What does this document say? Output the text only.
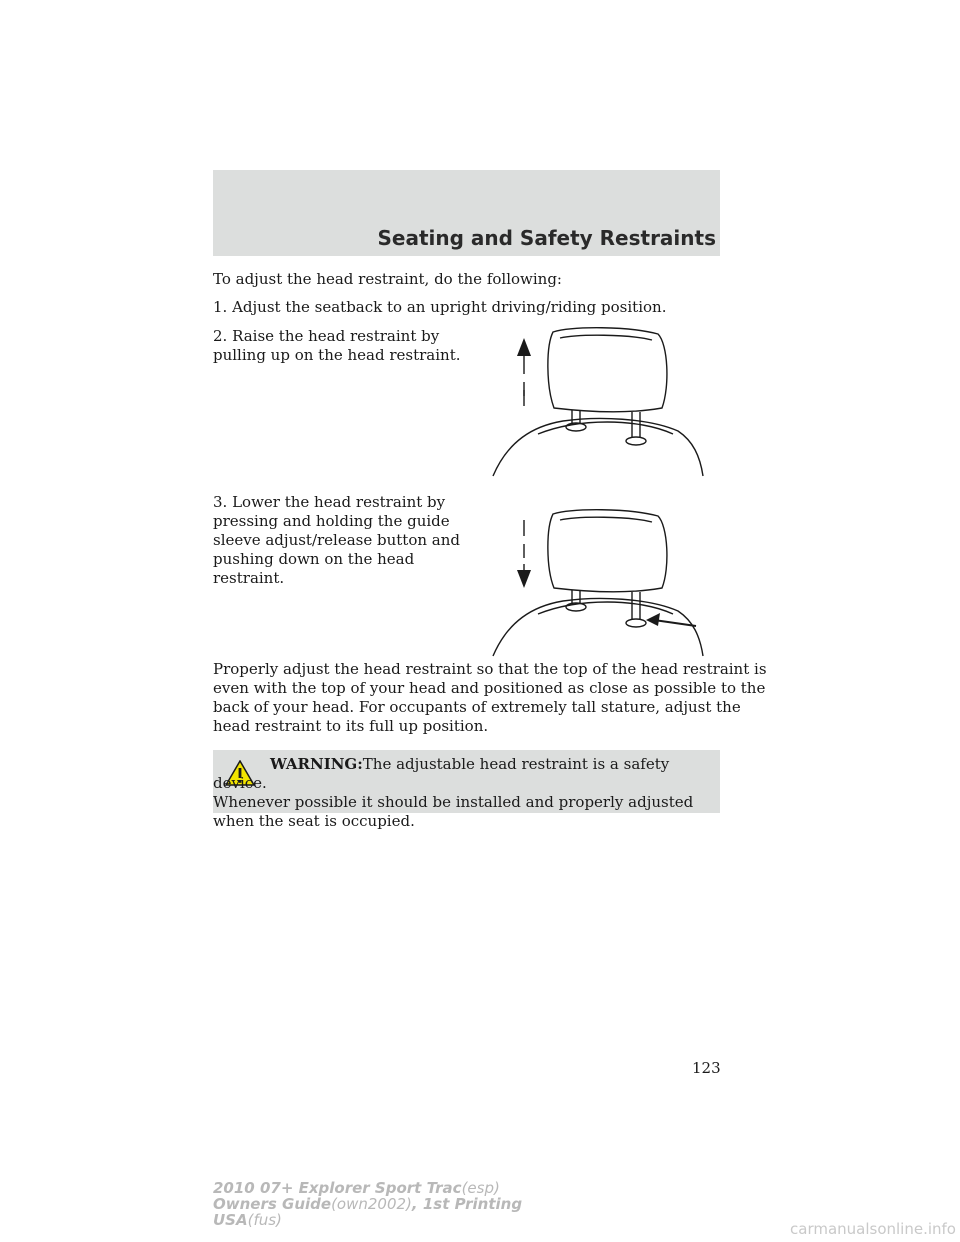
Seating and Safety Restraints

To adjust the head restraint, do the following:

1. Adjust the seatback to an upright driving/riding position.

2. Raise the head restraint by
pulling up on the head restraint.

3. Lower the head restraint by
pressing and holding the guide
sleeve adjust/release button and
pushing down on the head restraint.

Properly adjust the head restraint so that the top of the head restraint is
even with the top of your head and positioned as close as possible to the
back of your head. For occupants of extremely tall stature, adjust the
head restraint to its full up position.

WARNING:The adjustable head restraint is a safety device.
Whenever possible it should be installed and properly adjusted
when the seat is occupied.

123
2010 07+ Explorer Sport Trac(esp)
Owners Guide(own2002), 1st Printing
USA(fus)	carmanualsonline.info
